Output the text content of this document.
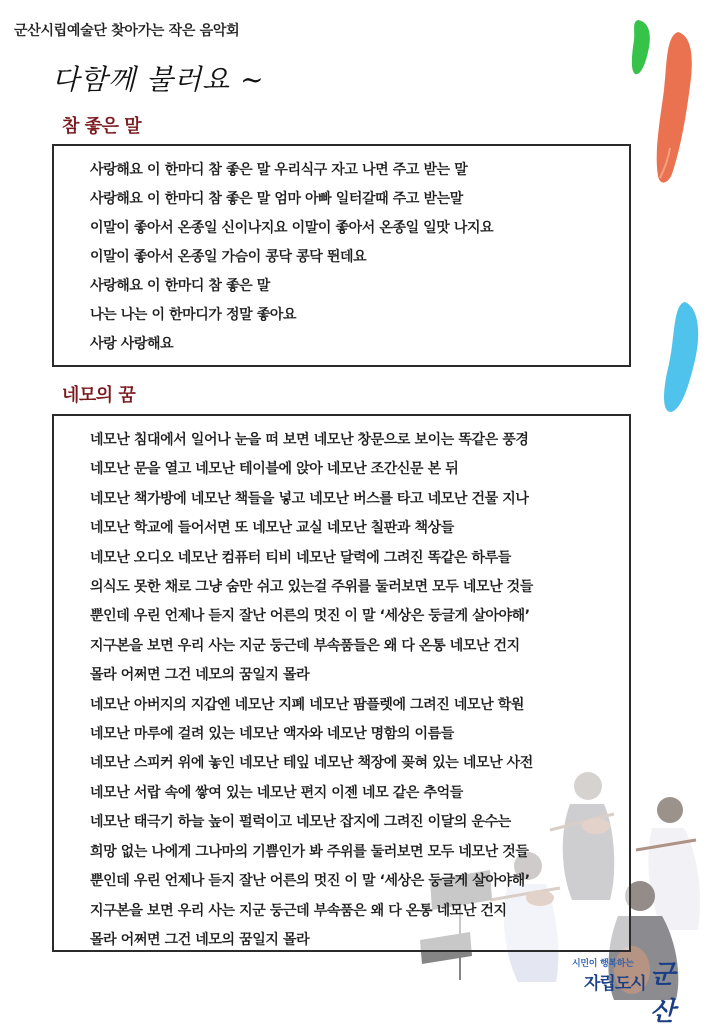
군산시립예술단 찾아가는 작은 음악회
다함께 불러요 ~
참 좋은 말
사랑해요 이 한마디 참 좋은 말 우리식구 자고 나면 주고 받는 말
사랑해요 이 한마디 참 좋은 말 엄마 아빠 일터갈때 주고 받는말
이말이 좋아서 온종일 신이나지요 이말이 좋아서 온종일 일맛 나지요
이말이 좋아서 온종일 가슴이 콩닥 콩닥 뛴데요
사랑해요 이 한마디 참 좋은 말
나는 나는 이 한마디가 정말 좋아요
사랑 사랑해요
네모의 꿈
네모난 침대에서 일어나 눈을 떠 보면 네모난 창문으로 보이는 똑같은 풍경
네모난 문을 열고 네모난 테이블에 앉아 네모난 조간신문 본 뒤
네모난 책가방에 네모난 책들을 넣고 네모난 버스를 타고 네모난 건물 지나
네모난 학교에 들어서면 또 네모난 교실 네모난 칠판과 책상들
네모난 오디오 네모난 컴퓨터 티비 네모난 달력에 그려진 똑같은 하루들
의식도 못한 채로 그냥 숨만 쉬고 있는걸 주위를 둘러보면 모두 네모난 것들
뿐인데 우린 언제나 듣지 잘난 어른의 멋진 이 말 ‘세상은 둥글게 살아야해’
지구본을 보면 우리 사는 지군 둥근데 부속품들은 왜 다 온통 네모난 건지
몰라 어쩌면 그건 네모의 꿈일지 몰라
네모난 아버지의 지갑엔 네모난 지폐 네모난 팜플렛에 그려진 네모난 학원
네모난 마루에 걸려 있는 네모난 액자와 네모난 명함의 이름들
네모난 스피커 위에 놓인 네모난 테잎 네모난 책장에 꽂혀 있는 네모난 사전
네모난 서랍 속에 쌓여 있는 네모난 편지 이젠 네모 같은 추억들
네모난 태극기 하늘 높이 펄럭이고 네모난 잡지에 그려진 이달의 운수는
희망 없는 나에게 그나마의 기쁨인가 봐 주위를 둘러보면 모두 네모난 것들
뿐인데 우린 언제나 듣지 잘난 어른의 멋진 이 말 ‘세상은 둥글게 살아야해’
지구본을 보면 우리 사는 지군 둥근데 부속품은 왜 다 온통 네모난 건지
몰라 어쩌면 그건 네모의 꿈일지 몰라
시민이 행복하는
자립도시 군산
